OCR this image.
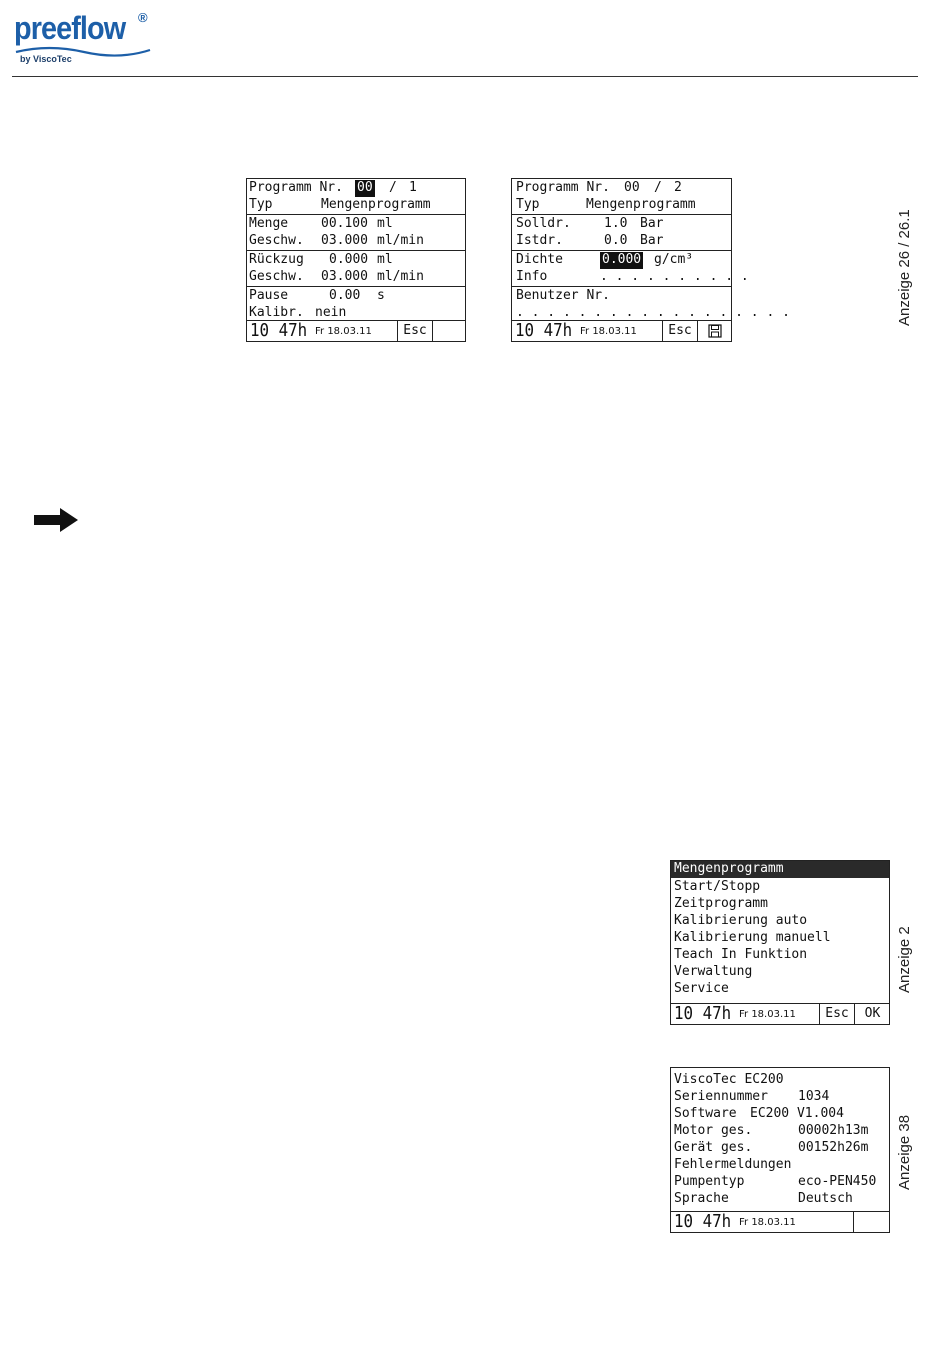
preeflow ®
by ViscoTec
Programm Nr. 00 / 1
Typ	Mengenprogramm
Menge	00.100 ml
Geschw. 03.000 ml/min
Rückzug 0.000 ml
Geschw. 03.000 ml/min
Pause	0.00 s
Kalibr. nein
10 47h Fr 18.03.11	Esc
Programm Nr. 00 / 2
Typ	Mengenprogramm
Solldr.	1.0 Bar
Istdr.	0.0 Bar
Dichte	0.000 g/cm³
Info	. . . . . . . . . .
Benutzer Nr.
. . . . . . . . . . . . . . . . . .
10 47h Fr 18.03.11	Esc
Anzeige 26 / 26.1
Mengenprogramm
Start/Stopp
Zeitprogramm
Kalibrierung auto
Kalibrierung manuell
Teach In Funktion
Verwaltung
Service
10 47h Fr 18.03.11	Esc	OK
Anzeige 2
ViscoTec EC200
Seriennummer 1034
Software EC200 V1.004
Motor ges.	00002h13m
Gerät ges.	00152h26m
Fehlermeldungen
Pumpentyp	eco-PEN450
Sprache	Deutsch
10 47h Fr 18.03.11
Anzeige 38
